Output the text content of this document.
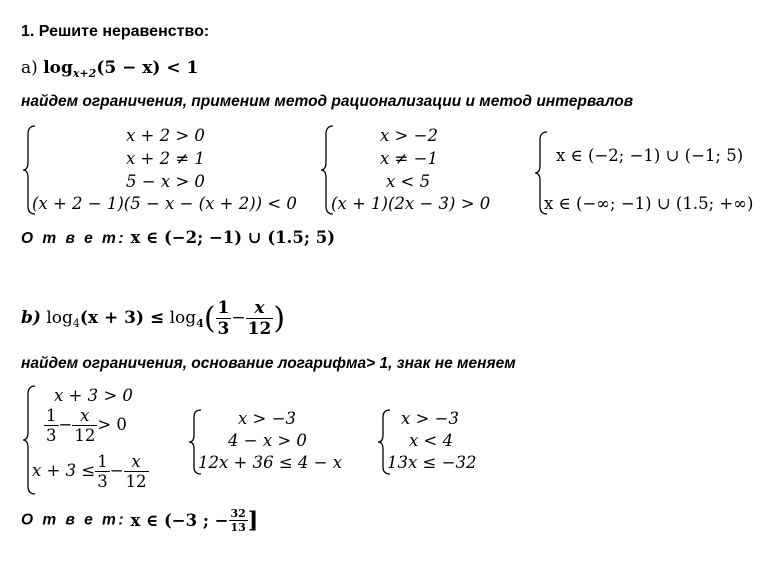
1. Решите неравенство:
a) $\log_{x+2}(5 - x) < 1$
найдем ограничения, применим метод рационализации и метод интервалов
x + 2 > 0
x + 2 ≠ 1
5 − x > 0
(x + 2 − 1)(5 − x − (x + 2)) < 0
x > −2
x ≠ −1
x < 5
(x + 1)(2x − 3) > 0
x ∈ (−2; −1) ∪ (−1; 5)
x ∈ (−∞; −1) ∪ (1.5; +∞)
О т в е т: x ∈ (−2; −1) ∪ (1.5; 5)
b) $\log_4(x + 3) \le \log_4( \frac{1}{3} - \frac{x}{12}$ )
найдем ограничения, основание логарифма> 1, знак не меняем
x + 3 > 0
$\frac{1}{3} - \frac{x}{12} > 0$
$x + 3 \le \frac{1}{3} - \frac{x}{12}$
x > −3
4 − x > 0
12x + 36 ≤ 4 − x
x > −3
x < 4
13x ≤ −32
О т в е т: x ∈ (−3 ; − $\frac{32}{13}$ ]
